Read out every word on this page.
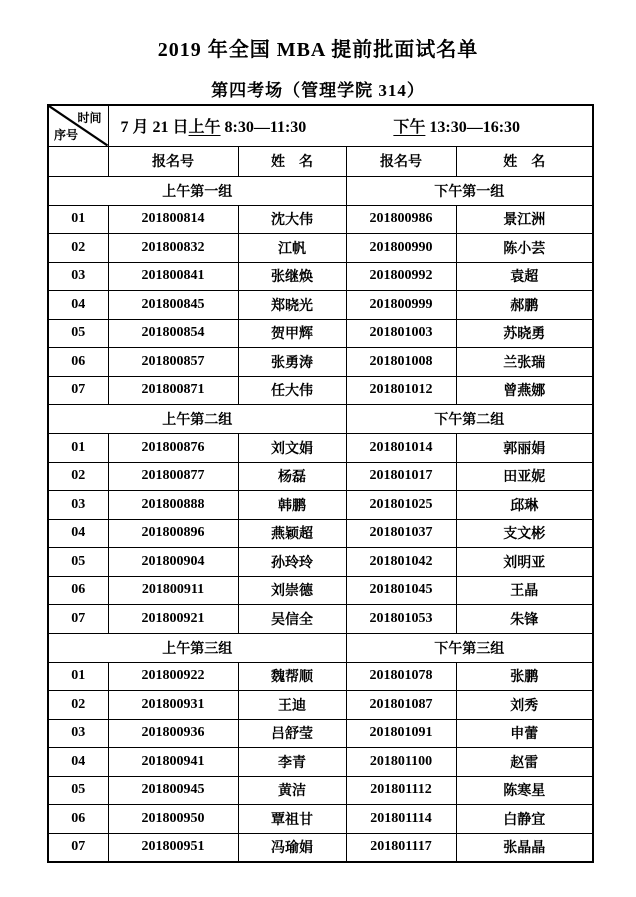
2019 年全国 MBA 提前批面试名单
第四考场（管理学院 314）
时间
序号	7 月 21 日上午 8:30—11:30 下午 13:30—16:30			

	报名号	姓　名	报名号	姓　名
上午第一组			下午第一组	
01	201800814	沈大伟	201800986	景江洲
02	201800832	江帆	201800990	陈小芸
03	201800841	张继焕	201800992	袁超
04	201800845	郑晓光	201800999	郝鹏
05	201800854	贺甲辉	201801003	苏晓勇
06	201800857	张勇涛	201801008	兰张瑞
07	201800871	任大伟	201801012	曾燕娜
上午第二组			下午第二组	
01	201800876	刘文娟	201801014	郭丽娟
02	201800877	杨磊	201801017	田亚妮
03	201800888	韩鹏	201801025	邱琳
04	201800896	燕颖超	201801037	支文彬
05	201800904	孙玲玲	201801042	刘明亚
06	201800911	刘崇德	201801045	王晶
07	201800921	吴信全	201801053	朱锋
上午第三组			下午第三组	
01	201800922	魏帮顺	201801078	张鹏
02	201800931	王迪	201801087	刘秀
03	201800936	吕舒莹	201801091	申蕾
04	201800941	李青	201801100	赵雷
05	201800945	黄洁	201801112	陈寒星
06	201800950	覃祖甘	201801114	白静宜
07	201800951	冯瑜娟	201801117	张晶晶
